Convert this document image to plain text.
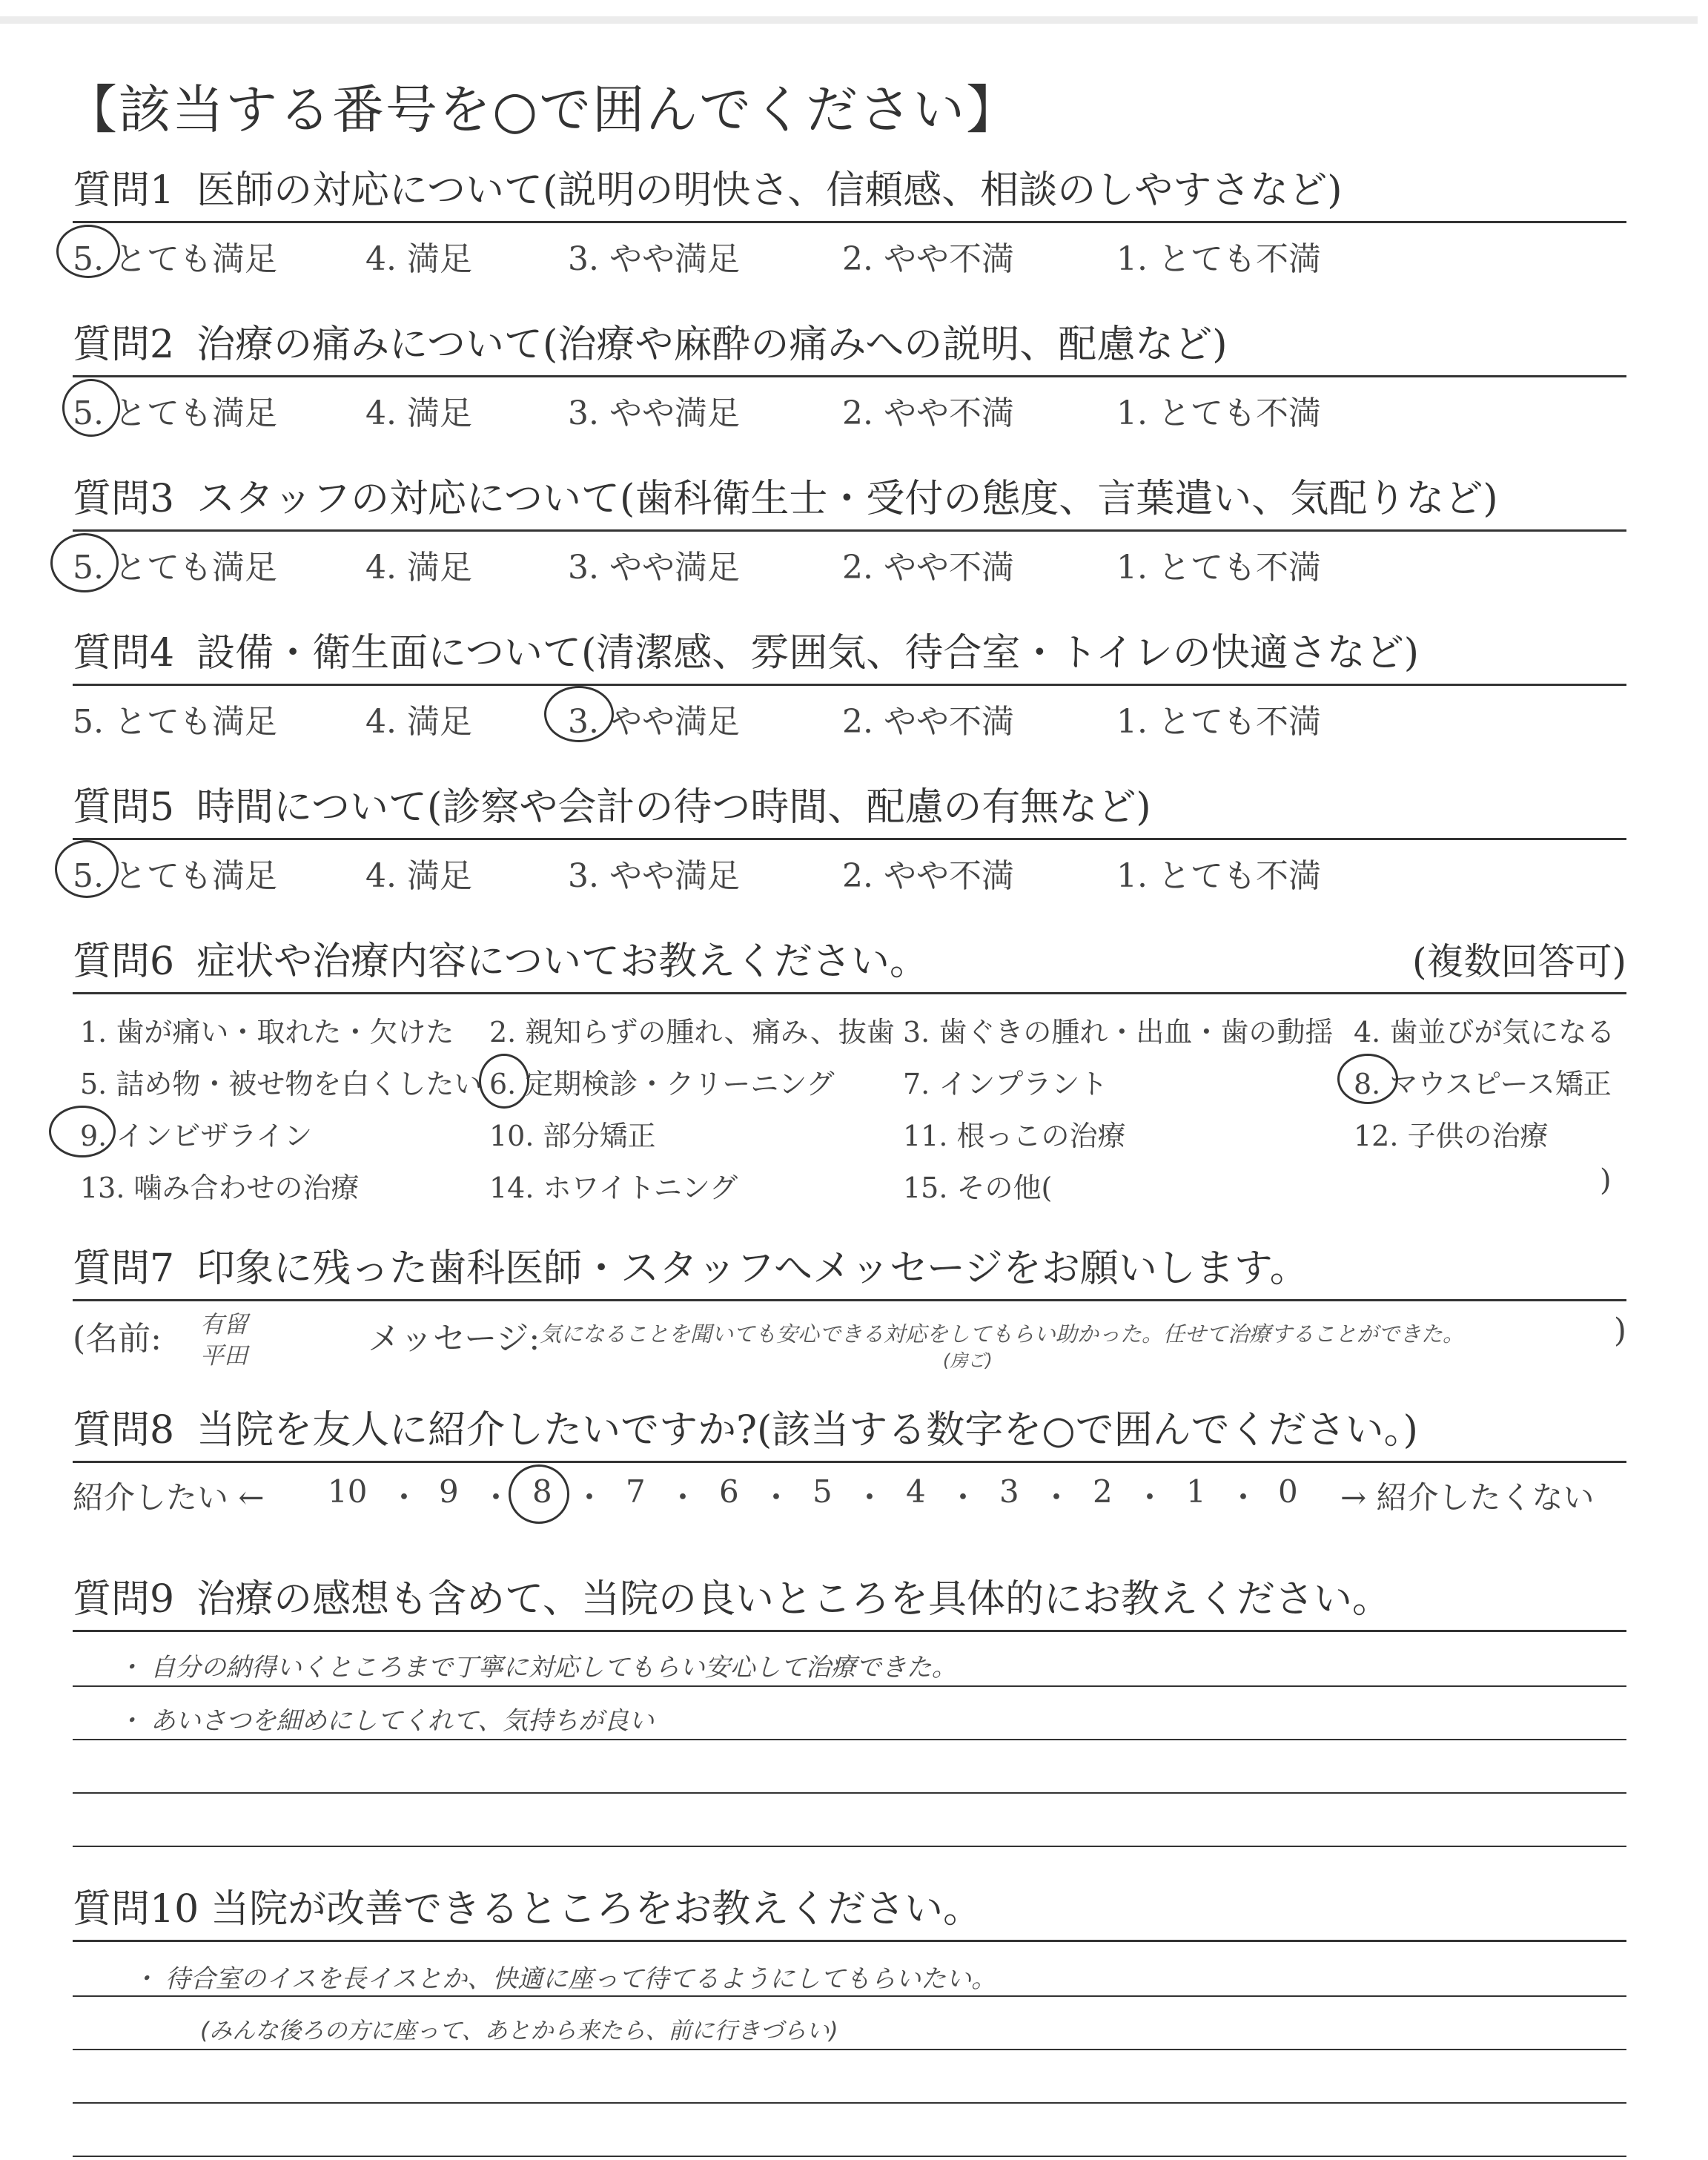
【該当する番号を○で囲んでください】
質問1 医師の対応について(説明の明快さ、信頼感、相談のしやすさなど)
5. とても満足	4. 満足	3. やや満足	2. やや不満	1. とても不満
質問2 治療の痛みについて(治療や麻酔の痛みへの説明、配慮など)
5. とても満足	4. 満足	3. やや満足	2. やや不満	1. とても不満
質問3 スタッフの対応について(歯科衛生士・受付の態度、言葉遣い、気配りなど)
5. とても満足	4. 満足	3. やや満足	2. やや不満	1. とても不満
質問4 設備・衛生面について(清潔感、雰囲気、待合室・トイレの快適さなど)
5. とても満足	4. 満足	3. やや満足	2. やや不満	1. とても不満
質問5 時間について(診察や会計の待つ時間、配慮の有無など)
5. とても満足	4. 満足	3. やや満足	2. やや不満	1. とても不満
質問6 症状や治療内容についてお教えください。	(複数回答可)
1. 歯が痛い・取れた・欠けた 2. 親知らずの腫れ、痛み、抜歯 3. 歯ぐきの腫れ・出血・歯の動揺 4. 歯並びが気になる
5. 詰め物・被せ物を白くしたい 6. 定期検診・クリーニング 7. インプラント	8. マウスピース矯正
9. インビザライン	10. 部分矯正	11. 根っこの治療	12. 子供の治療
13. 噛み合わせの治療	14. ホワイトニング	15. その他(	)
質問7 印象に残った歯科医師・スタッフへメッセージをお願いします。
(名前: 有留 平田	メッセージ: 気になることを聞いても安心できる対応をしてもらい助かった。任せて治療することができた。
(房ご)
)
質問8 当院を友人に紹介したいですか?(該当する数字を○で囲んでください。)
紹介したい ← 10 ・ 9 ・ 8 ・ 7 ・ 6 ・ 5 ・ 4 ・ 3 ・ 2 ・ 1 ・ 0 → 紹介したくない
質問9 治療の感想も含めて、当院の良いところを具体的にお教えください。
・ 自分の納得いくところまで丁寧に対応してもらい安心して治療できた。
・ あいさつを細めにしてくれて、気持ちが良い
質問10 当院が改善できるところをお教えください。
・ 待合室のイスを長イスとか、快適に座って待てるようにしてもらいたい。
(みんな後ろの方に座って、あとから来たら、前に行きづらい)
